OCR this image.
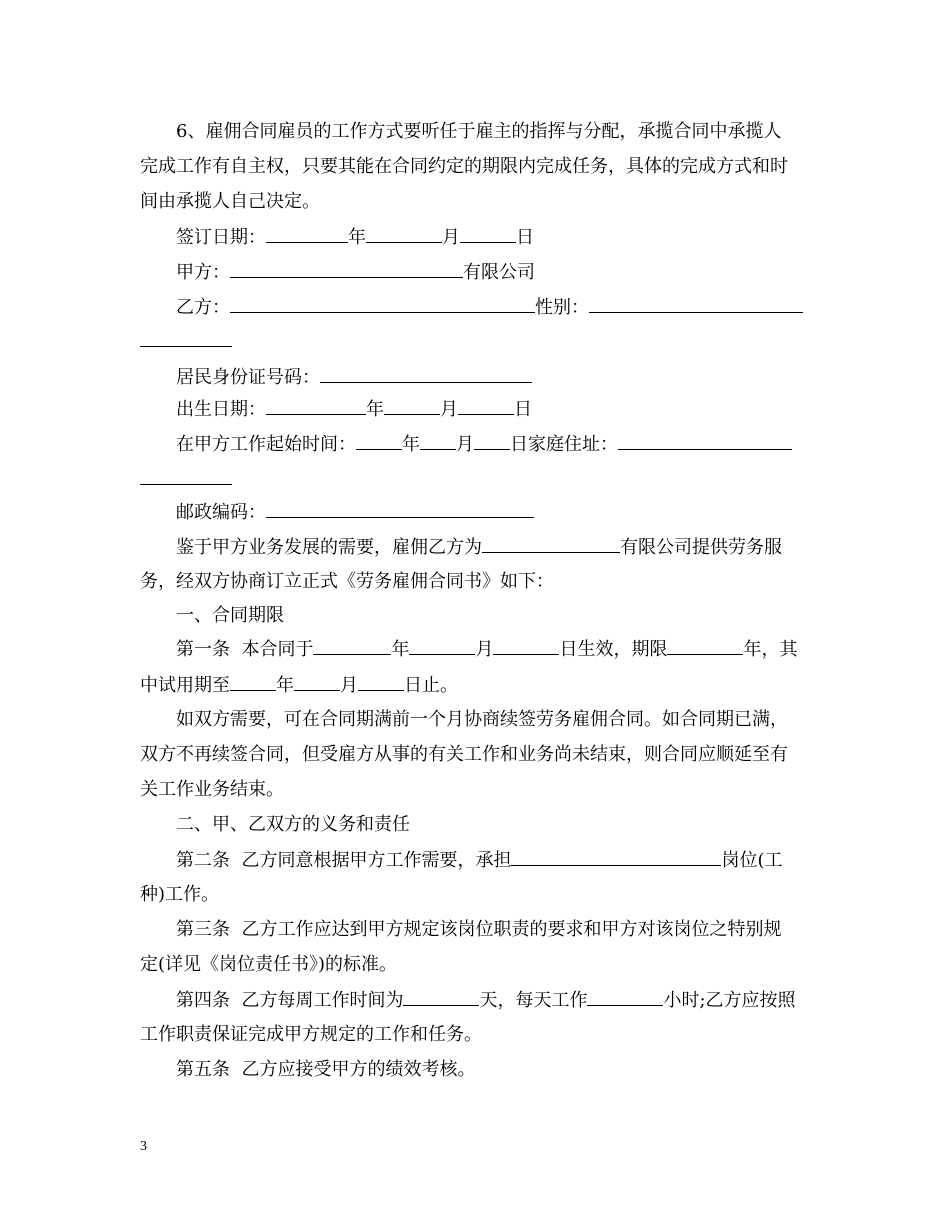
6、雇佣合同雇员的工作方式要听任于雇主的指挥与分配，承揽合同中承揽人
完成工作有自主权，只要其能在合同约定的期限内完成任务，具体的完成方式和时
间由承揽人自己决定。
签订日期：	年	月	日
甲方：	有限公司
乙方：	性别：
居民身份证号码：
出生日期：	年	月	日
在甲方工作起始时间：	年 月 日家庭住址：
邮政编码：
鉴于甲方业务发展的需要，雇佣乙方为	有限公司提供劳务服
务，经双方协商订立正式《劳务雇佣合同书》如下：
一、合同期限
第一条  本合同于	年	月	日生效，期限	年，其
中试用期至	年	月	日止。
如双方需要，可在合同期满前一个月协商续签劳务雇佣合同。如合同期已满，
双方不再续签合同，但受雇方从事的有关工作和业务尚未结束，则合同应顺延至有
关工作业务结束。
二、甲、乙双方的义务和责任
第二条  乙方同意根据甲方工作需要，承担	岗位(工
种)工作。
第三条  乙方工作应达到甲方规定该岗位职责的要求和甲方对该岗位之特别规
定(详见《岗位责任书》)的标准。
第四条  乙方每周工作时间为	天，每天工作	小时;乙方应按照
工作职责保证完成甲方规定的工作和任务。
第五条  乙方应接受甲方的绩效考核。
3
